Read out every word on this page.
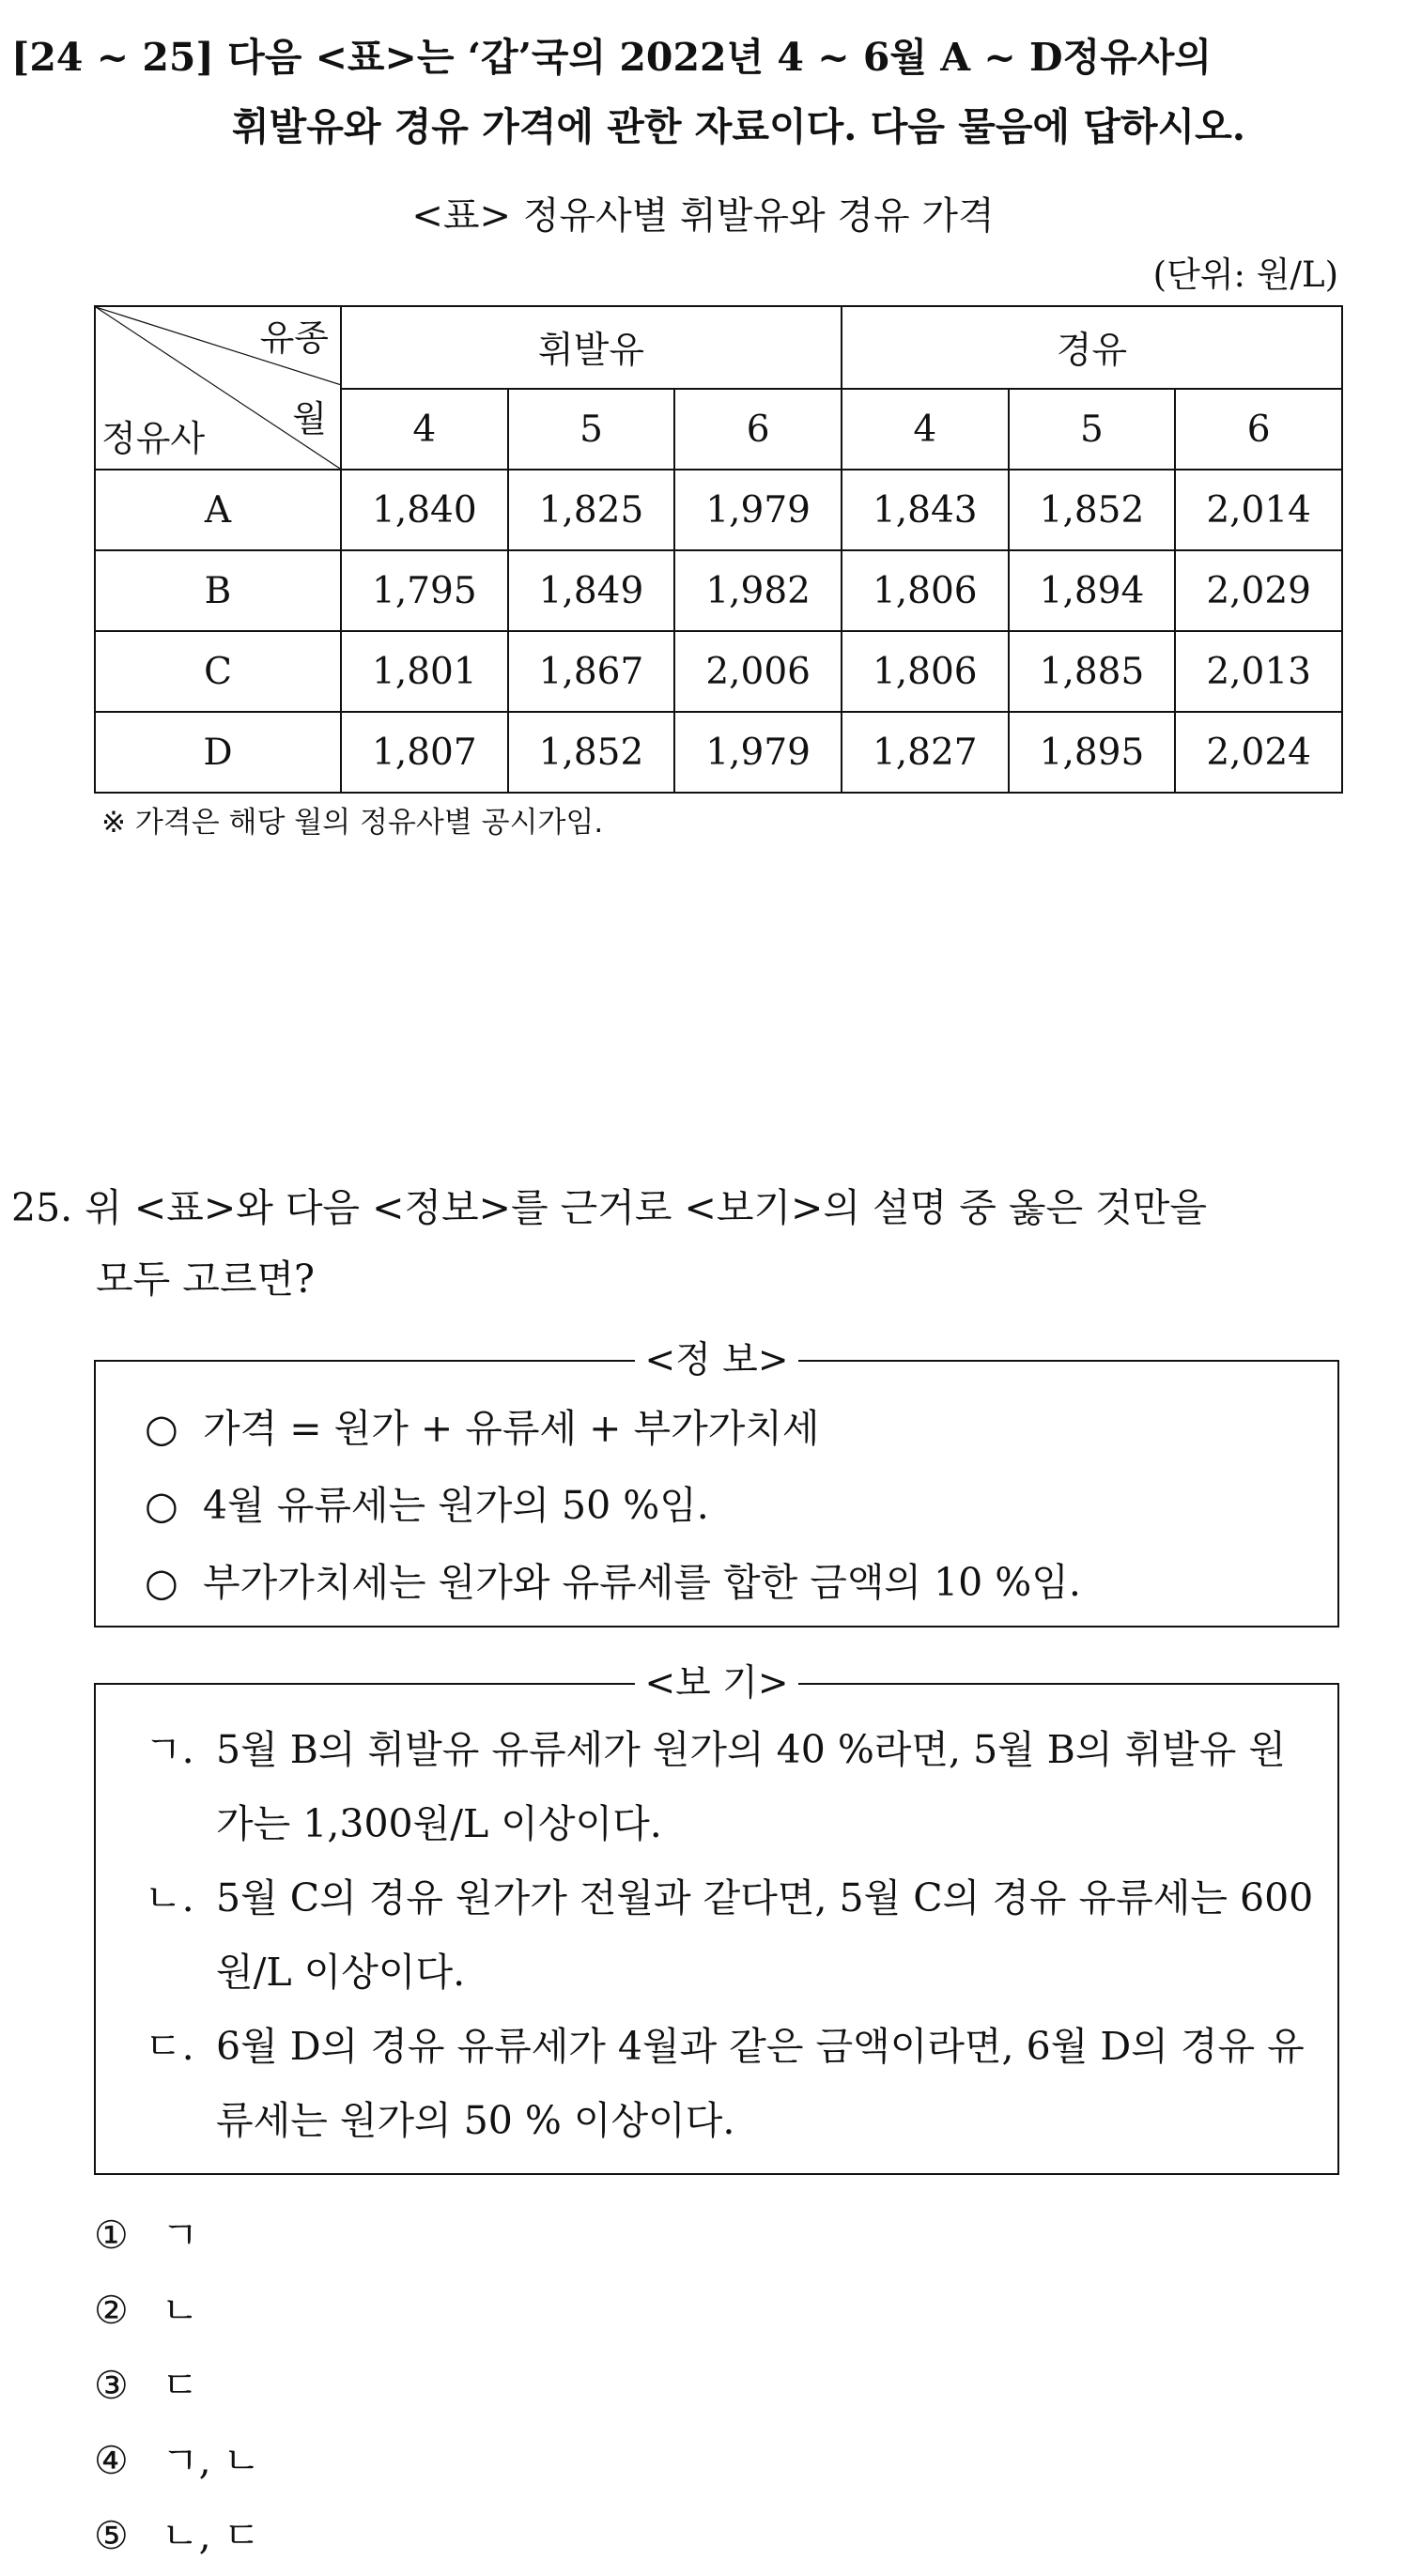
[24 ~ 25] 다음 <표>는 ‘갑’국의 2022년 4 ~ 6월 A ~ D정유사의
휘발유와 경유 가격에 관한 자료이다. 다음 물음에 답하시오.
<표> 정유사별 휘발유와 경유 가격
(단위: 원/L)
유종
월
정유사	휘발유			경유		
	4	5	6	4	5	6
A	1,840	1,825	1,979	1,843	1,852	2,014
B	1,795	1,849	1,982	1,806	1,894	2,029
C	1,801	1,867	2,006	1,806	1,885	2,013
D	1,807	1,852	1,979	1,827	1,895	2,024
※ 가격은 해당 월의 정유사별 공시가임.
25. 위 <표>와 다음 <정보>를 근거로 <보기>의 설명 중 옳은 것만을
모두 고르면?
<정 보>
○ 가격 = 원가 + 유류세 + 부가가치세
○ 4월 유류세는 원가의 50 %임.
○ 부가가치세는 원가와 유류세를 합한 금액의 10 %임.
<보 기>
ㄱ. 5월 B의 휘발유 유류세가 원가의 40 %라면, 5월 B의 휘발유 원가는 1,300원/L 이상이다.
ㄴ. 5월 C의 경유 원가가 전월과 같다면, 5월 C의 경유 유류세는 600원/L 이상이다.
ㄷ. 6월 D의 경유 유류세가 4월과 같은 금액이라면, 6월 D의 경유 유류세는 원가의 50 % 이상이다.
① ㄱ
② ㄴ
③ ㄷ
④ ㄱ, ㄴ
⑤ ㄴ, ㄷ
